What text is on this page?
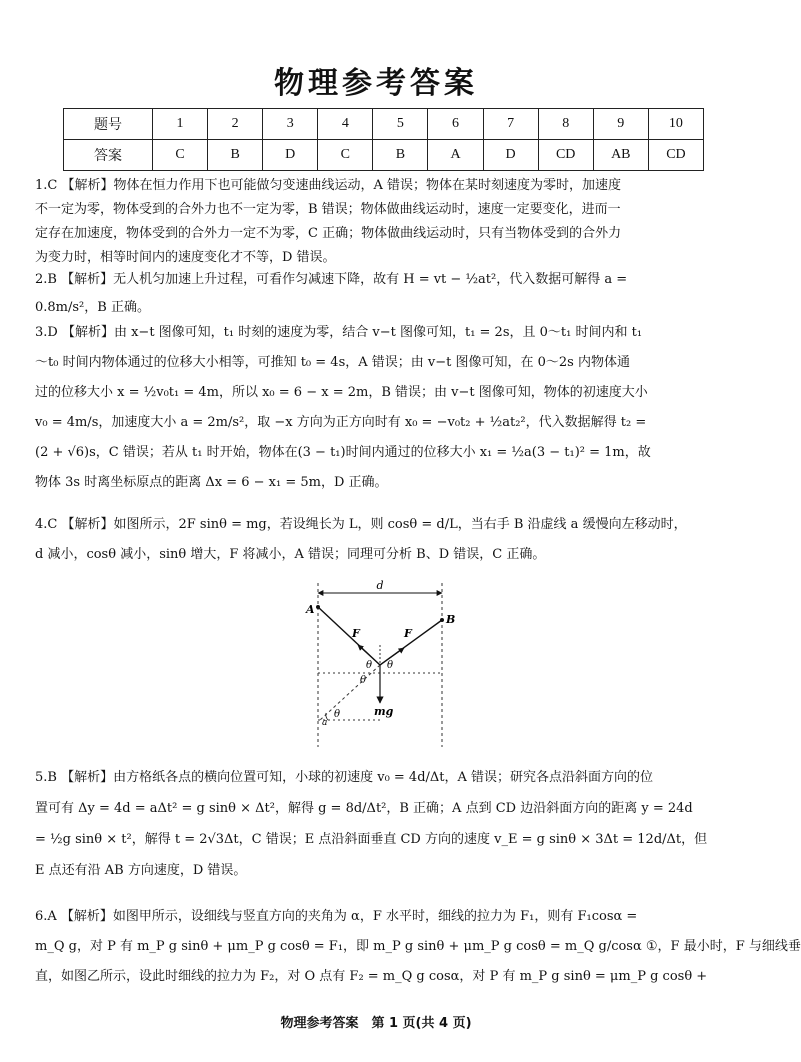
物理参考答案
题号	1	2	3	4	5	6	7	8	9	10
答案	C	B	D	C	B	A	D	CD	AB	CD
1.C 【解析】物体在恒力作用下也可能做匀变速曲线运动，A 错误；物体在某时刻速度为零时，加速度
不一定为零，物体受到的合外力也不一定为零，B 错误；物体做曲线运动时，速度一定要变化，进而一
定存在加速度，物体受到的合外力一定不为零，C 正确；物体做曲线运动时，只有当物体受到的合外力
为变力时，相等时间内的速度变化才不等，D 错误。
2.B 【解析】无人机匀加速上升过程，可看作匀减速下降，故有 H = vt − ½at²，代入数据可解得 a =
0.8m/s²，B 正确。
3.D 【解析】由 x−t 图像可知，t₁ 时刻的速度为零，结合 v−t 图像可知，t₁ = 2s，且 0～t₁ 时间内和 t₁
～t₀ 时间内物体通过的位移大小相等，可推知 t₀ = 4s，A 错误；由 v−t 图像可知，在 0～2s 内物体通
过的位移大小 x = ½v₀t₁ = 4m，所以 x₀ = 6 − x = 2m，B 错误；由 v−t 图像可知，物体的初速度大小
v₀ = 4m/s，加速度大小 a = 2m/s²，取 −x 方向为正方向时有 x₀ = −v₀t₂ + ½at₂²，代入数据解得 t₂ =
(2 + √6)s，C 错误；若从 t₁ 时开始，物体在(3 − t₁)时间内通过的位移大小 x₁ = ½a(3 − t₁)² = 1m，故
物体 3s 时离坐标原点的距离 Δx = 6 − x₁ = 5m，D 正确。
4.C 【解析】如图所示，2F sinθ = mg，若设绳长为 L，则 cosθ = d/L，当右手 B 沿虚线 a 缓慢向左移动时，
d 减小，cosθ 减小，sinθ 增大，F 将减小，A 错误；同理可分析 B、D 错误，C 正确。
d
A
B
F	F
mg
θ θ
θ
θ
a
5.B 【解析】由方格纸各点的横向位置可知，小球的初速度 v₀ = 4d/Δt，A 错误；研究各点沿斜面方向的位
置可有 Δy = 4d = aΔt² = g sinθ × Δt²，解得 g = 8d/Δt²，B 正确；A 点到 CD 边沿斜面方向的距离 y = 24d
= ½g sinθ × t²，解得 t = 2√3Δt，C 错误；E 点沿斜面垂直 CD 方向的速度 v_E = g sinθ × 3Δt = 12d/Δt，但
E 点还有沿 AB 方向速度，D 错误。
6.A 【解析】如图甲所示，设细线与竖直方向的夹角为 α，F 水平时，细线的拉力为 F₁，则有 F₁cosα =
m_Q g，对 P 有 m_P g sinθ + μm_P g cosθ = F₁，即 m_P g sinθ + μm_P g cosθ = m_Q g/cosα ①，F 最小时，F 与细线垂
直，如图乙所示，设此时细线的拉力为 F₂，对 O 点有 F₂ = m_Q g cosα，对 P 有 m_P g sinθ = μm_P g cosθ +
物理参考答案　第 1 页(共 4 页)
